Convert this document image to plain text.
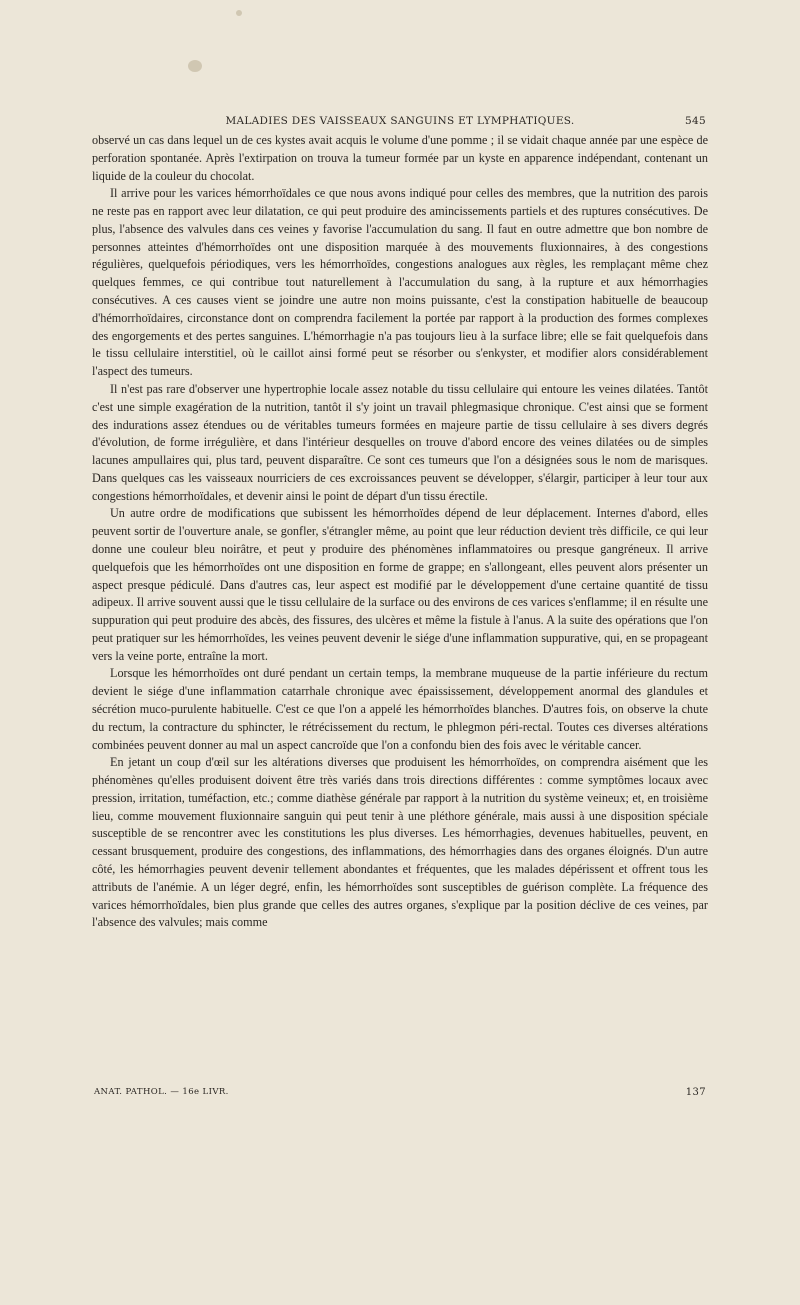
MALADIES DES VAISSEAUX SANGUINS ET LYMPHATIQUES.	545

observé un cas dans lequel un de ces kystes avait acquis le volume d'une pomme ; il se vidait chaque année par une espèce de perforation spontanée. Après l'extirpation on trouva la tumeur formée par un kyste en apparence indépendant, contenant un liquide de la couleur du chocolat.

Il arrive pour les varices hémorrhoïdales ce que nous avons indiqué pour celles des membres, que la nutrition des parois ne reste pas en rapport avec leur dilatation, ce qui peut produire des amincissements partiels et des ruptures consécutives. De plus, l'absence des valvules dans ces veines y favorise l'accumulation du sang. Il faut en outre admettre que bon nombre de personnes atteintes d'hémorrhoïdes ont une disposition marquée à des mouvements fluxionnaires, à des congestions régulières, quelquefois périodiques, vers les hémorrhoïdes, congestions analogues aux règles, les remplaçant même chez quelques femmes, ce qui contribue tout naturellement à l'accumulation du sang, à la rupture et aux hémorrhagies consécutives. A ces causes vient se joindre une autre non moins puissante, c'est la constipation habituelle de beaucoup d'hémorrhoïdaires, circonstance dont on comprendra facilement la portée par rapport à la production des formes complexes des engorgements et des pertes sanguines. L'hémorrhagie n'a pas toujours lieu à la surface libre; elle se fait quelquefois dans le tissu cellulaire interstitiel, où le caillot ainsi formé peut se résorber ou s'enkyster, et modifier alors considérablement l'aspect des tumeurs.

Il n'est pas rare d'observer une hypertrophie locale assez notable du tissu cellulaire qui entoure les veines dilatées. Tantôt c'est une simple exagération de la nutrition, tantôt il s'y joint un travail phlegmasique chronique. C'est ainsi que se forment des indurations assez étendues ou de véritables tumeurs formées en majeure partie de tissu cellulaire à ses divers degrés d'évolution, de forme irrégulière, et dans l'intérieur desquelles on trouve d'abord encore des veines dilatées ou de simples lacunes ampullaires qui, plus tard, peuvent disparaître. Ce sont ces tumeurs que l'on a désignées sous le nom de marisques. Dans quelques cas les vaisseaux nourriciers de ces excroissances peuvent se développer, s'élargir, participer à leur tour aux congestions hémorrhoïdales, et devenir ainsi le point de départ d'un tissu érectile.

Un autre ordre de modifications que subissent les hémorrhoïdes dépend de leur déplacement. Internes d'abord, elles peuvent sortir de l'ouverture anale, se gonfler, s'étrangler même, au point que leur réduction devient très difficile, ce qui leur donne une couleur bleu noirâtre, et peut y produire des phénomènes inflammatoires ou presque gangréneux. Il arrive quelquefois que les hémorrhoïdes ont une disposition en forme de grappe; en s'allongeant, elles peuvent alors présenter un aspect presque pédiculé. Dans d'autres cas, leur aspect est modifié par le développement d'une certaine quantité de tissu adipeux. Il arrive souvent aussi que le tissu cellulaire de la surface ou des environs de ces varices s'enflamme; il en résulte une suppuration qui peut produire des abcès, des fissures, des ulcères et même la fistule à l'anus. A la suite des opérations que l'on peut pratiquer sur les hémorrhoïdes, les veines peuvent devenir le siége d'une inflammation suppurative, qui, en se propageant vers la veine porte, entraîne la mort.

Lorsque les hémorrhoïdes ont duré pendant un certain temps, la membrane muqueuse de la partie inférieure du rectum devient le siége d'une inflammation catarrhale chronique avec épaississement, développement anormal des glandules et sécrétion muco-purulente habituelle. C'est ce que l'on a appelé les hémorrhoïdes blanches. D'autres fois, on observe la chute du rectum, la contracture du sphincter, le rétrécissement du rectum, le phlegmon péri-rectal. Toutes ces diverses altérations combinées peuvent donner au mal un aspect cancroïde que l'on a confondu bien des fois avec le véritable cancer.

En jetant un coup d'œil sur les altérations diverses que produisent les hémorrhoïdes, on comprendra aisément que les phénomènes qu'elles produisent doivent être très variés dans trois directions différentes : comme symptômes locaux avec pression, irritation, tuméfaction, etc.; comme diathèse générale par rapport à la nutrition du système veineux; et, en troisième lieu, comme mouvement fluxionnaire sanguin qui peut tenir à une pléthore générale, mais aussi à une disposition spéciale susceptible de se rencontrer avec les constitutions les plus diverses. Les hémorrhagies, devenues habituelles, peuvent, en cessant brusquement, produire des congestions, des inflammations, des hémorrhagies dans des organes éloignés. D'un autre côté, les hémorrhagies peuvent devenir tellement abondantes et fréquentes, que les malades dépérissent et offrent tous les attributs de l'anémie. A un léger degré, enfin, les hémorrhoïdes sont susceptibles de guérison complète. La fréquence des varices hémorrhoïdales, bien plus grande que celles des autres organes, s'explique par la position déclive de ces veines, par l'absence des valvules; mais comme

ANAT. PATHOL. — 16e LIVR.	137
